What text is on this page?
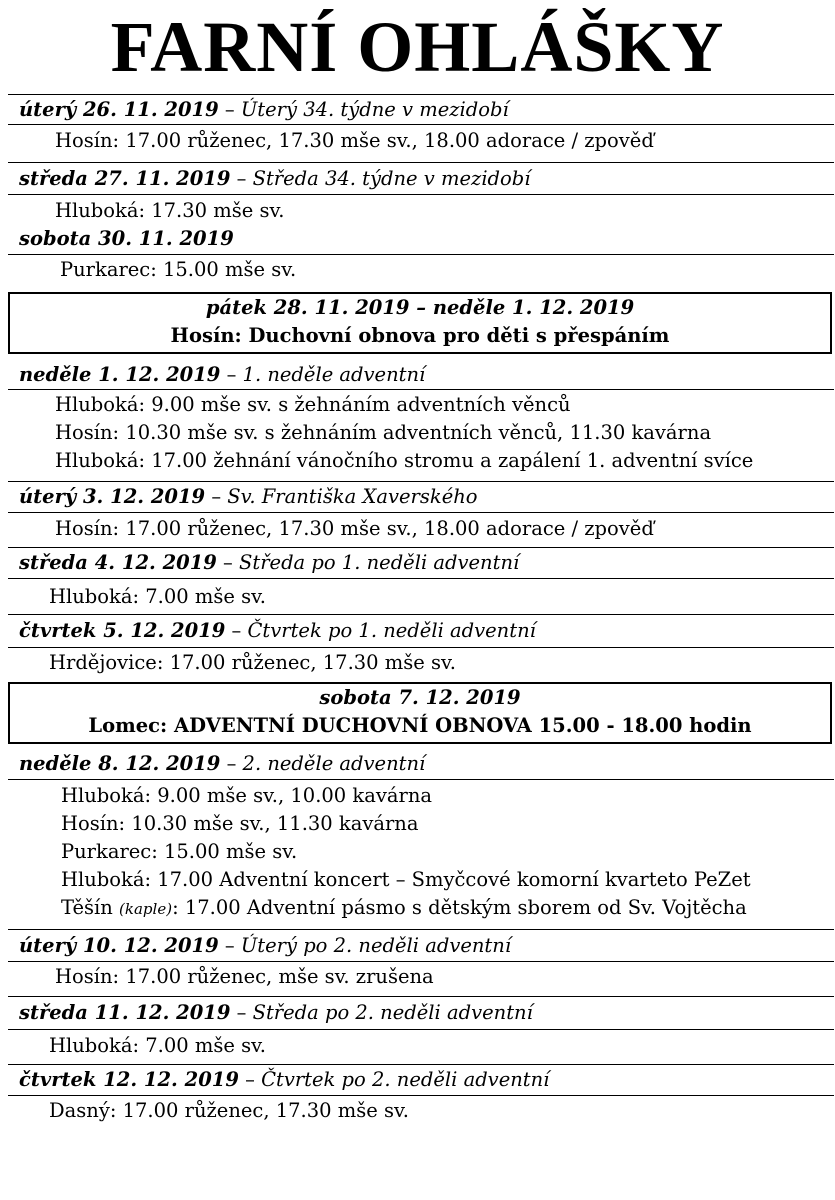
FARNÍ OHLÁŠKY
úterý 26. 11. 2019 – Úterý 34. týdne v mezidobí
Hosín: 17.00 růženec, 17.30 mše sv., 18.00 adorace / zpověď
středa 27. 11. 2019 – Středa 34. týdne v mezidobí
Hluboká: 17.30 mše sv.
sobota 30. 11. 2019
Purkarec: 15.00 mše sv.
pátek 28. 11. 2019 – neděle 1. 12. 2019
Hosín: Duchovní obnova pro děti s přespáním
neděle 1. 12. 2019 – 1. neděle adventní
Hluboká: 9.00 mše sv. s žehnáním adventních věnců
Hosín: 10.30 mše sv. s žehnáním adventních věnců, 11.30 kavárna
Hluboká: 17.00 žehnání vánočního stromu a zapálení 1. adventní svíce
úterý 3. 12. 2019 – Sv. Františka Xaverského
Hosín: 17.00 růženec, 17.30 mše sv., 18.00 adorace / zpověď
středa 4. 12. 2019 – Středa po 1. neděli adventní
Hluboká: 7.00 mše sv.
čtvrtek 5. 12. 2019 – Čtvrtek po 1. neděli adventní
Hrdějovice: 17.00 růženec, 17.30 mše sv.
sobota 7. 12. 2019
Lomec: ADVENTNÍ DUCHOVNÍ OBNOVA 15.00 - 18.00 hodin
neděle 8. 12. 2019 – 2. neděle adventní
Hluboká: 9.00 mše sv., 10.00 kavárna
Hosín: 10.30 mše sv., 11.30 kavárna
Purkarec: 15.00 mše sv.
Hluboká: 17.00 Adventní koncert – Smyčcové komorní kvarteto PeZet
Těšín (kaple): 17.00 Adventní pásmo s dětským sborem od Sv. Vojtěcha
úterý 10. 12. 2019 – Úterý po 2. neděli adventní
Hosín: 17.00 růženec, mše sv. zrušena
středa 11. 12. 2019 – Středa po 2. neděli adventní
Hluboká: 7.00 mše sv.
čtvrtek 12. 12. 2019 – Čtvrtek po 2. neděli adventní
Dasný: 17.00 růženec, 17.30 mše sv.
